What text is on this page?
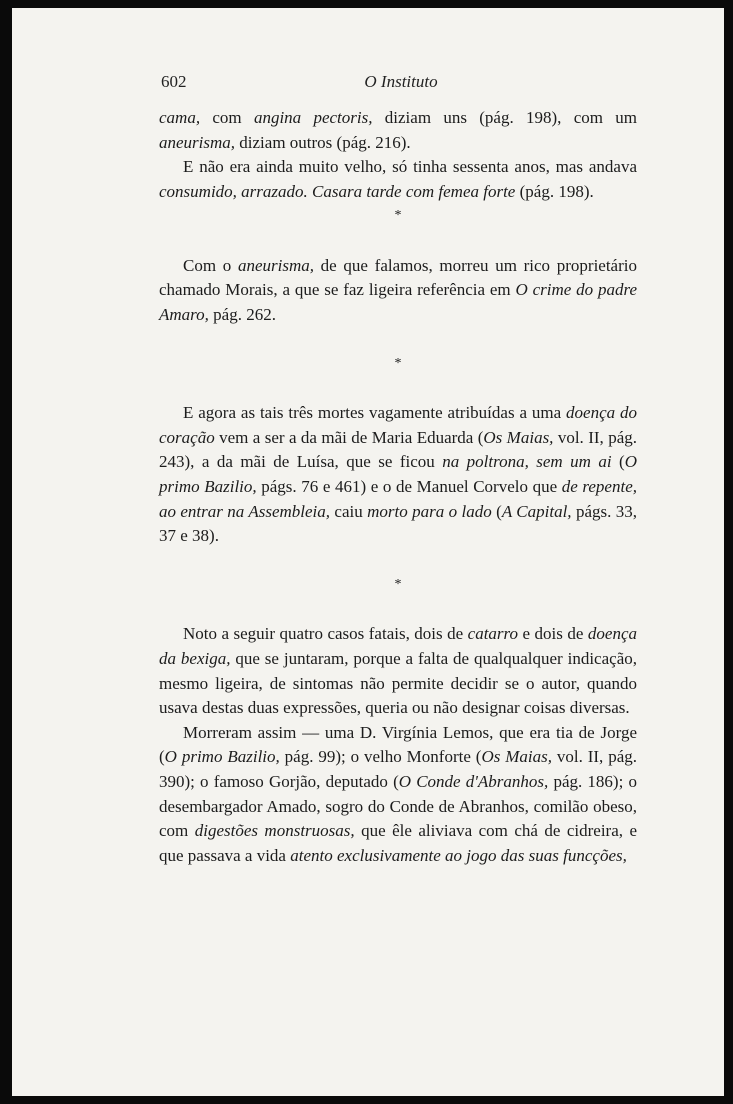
602	O Instituto

cama, com angina pectoris, diziam uns (pág. 198), com um aneurisma, diziam outros (pág. 216).

E não era ainda muito velho, só tinha sessenta anos, mas andava consumido, arrazado. Casara tarde com femea forte (pág. 198).

*

Com o aneurisma, de que falamos, morreu um rico proprietário chamado Morais, a que se faz ligeira referência em O crime do padre Amaro, pág. 262.

*

E agora as tais três mortes vagamente atribuídas a uma doença do coração vem a ser a da mãi de Maria Eduarda (Os Maias, vol. II, pág. 243), a da mãi de Luísa, que se ficou na poltrona, sem um ai (O primo Bazilio, págs. 76 e 461) e o de Manuel Corvelo que de repente, ao entrar na Assembleia, caiu morto para o lado (A Capital, págs. 33, 37 e 38).

*

Noto a seguir quatro casos fatais, dois de catarro e dois de doença da bexiga, que se juntaram, porque a falta de qualqualquer indicação, mesmo ligeira, de sintomas não permite decidir se o autor, quando usava destas duas expressões, queria ou não designar coisas diversas.

Morreram assim — uma D. Virgínia Lemos, que era tia de Jorge (O primo Bazilio, pág. 99); o velho Monforte (Os Maias, vol. II, pág. 390); o famoso Gorjão, deputado (O Conde d'Abranhos, pág. 186); o desembargador Amado, sogro do Conde de Abranhos, comilão obeso, com digestões monstruosas, que êle aliviava com chá de cidreira, e que passava a vida atento exclusivamente ao jogo das suas funcções,
